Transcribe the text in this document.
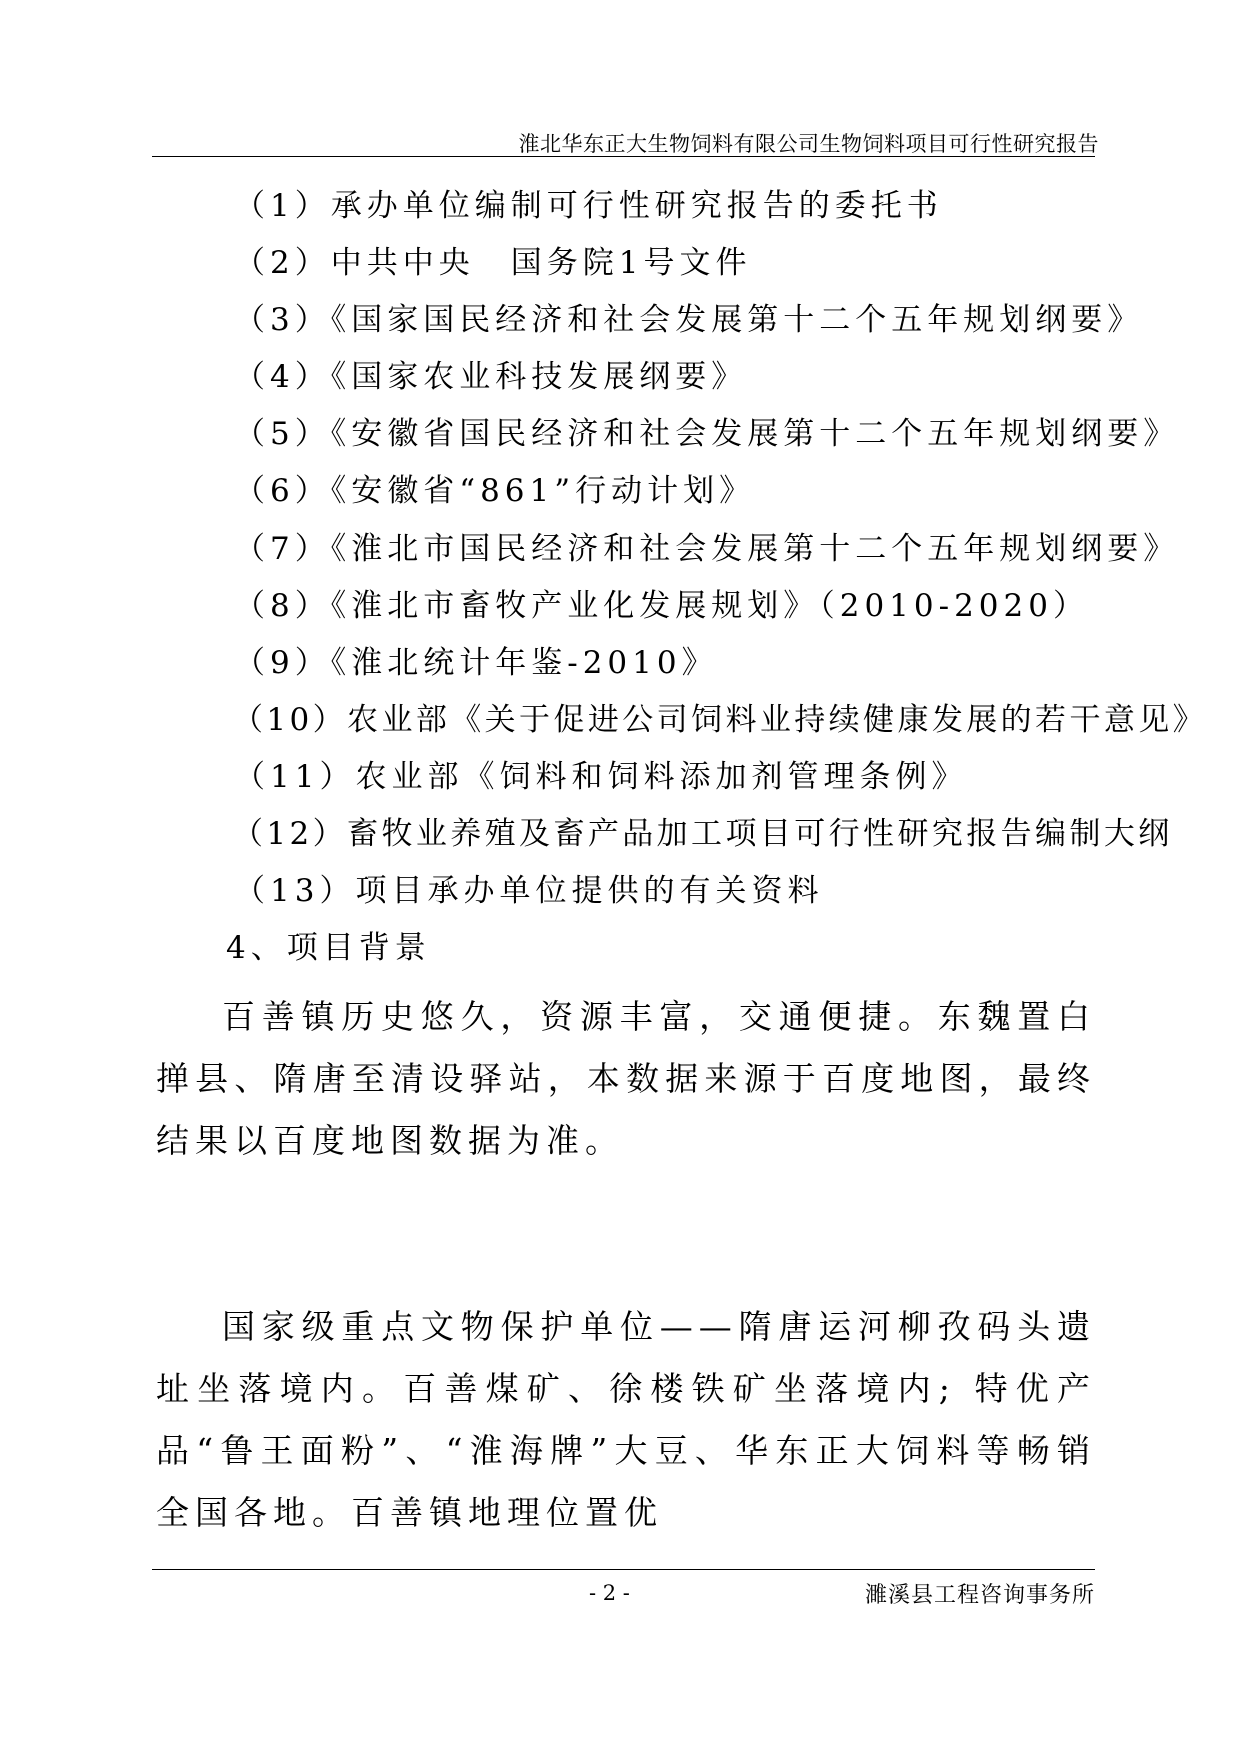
淮北华东正大生物饲料有限公司生物饲料项目可行性研究报告
（1）承办单位编制可行性研究报告的委托书
（2）中共中央　国务院1号文件
（3）《国家国民经济和社会发展第十二个五年规划纲要》
（4）《国家农业科技发展纲要》
（5）《安徽省国民经济和社会发展第十二个五年规划纲要》
（6）《安徽省“861”行动计划》
（7）《淮北市国民经济和社会发展第十二个五年规划纲要》
（8）《淮北市畜牧产业化发展规划》（2010-2020）
（9）《淮北统计年鉴-2010》
（10）农业部《关于促进公司饲料业持续健康发展的若干意见》
（11）农业部《饲料和饲料添加剂管理条例》
（12）畜牧业养殖及畜产品加工项目可行性研究报告编制大纲
（13）项目承办单位提供的有关资料
4、项目背景
百善镇历史悠久，资源丰富，交通便捷。东魏置白掸县、隋唐至清设驿站，本数据来源于百度地图，最终结果以百度地图数据为准。
国家级重点文物保护单位——隋唐运河柳孜码头遗址坐落境内。百善煤矿、徐楼铁矿坐落境内; 特优产品“鲁王面粉”、“淮海牌”大豆、华东正大饲料等畅销全国各地。百善镇地理位置优
- 2 -	濉溪县工程咨询事务所
